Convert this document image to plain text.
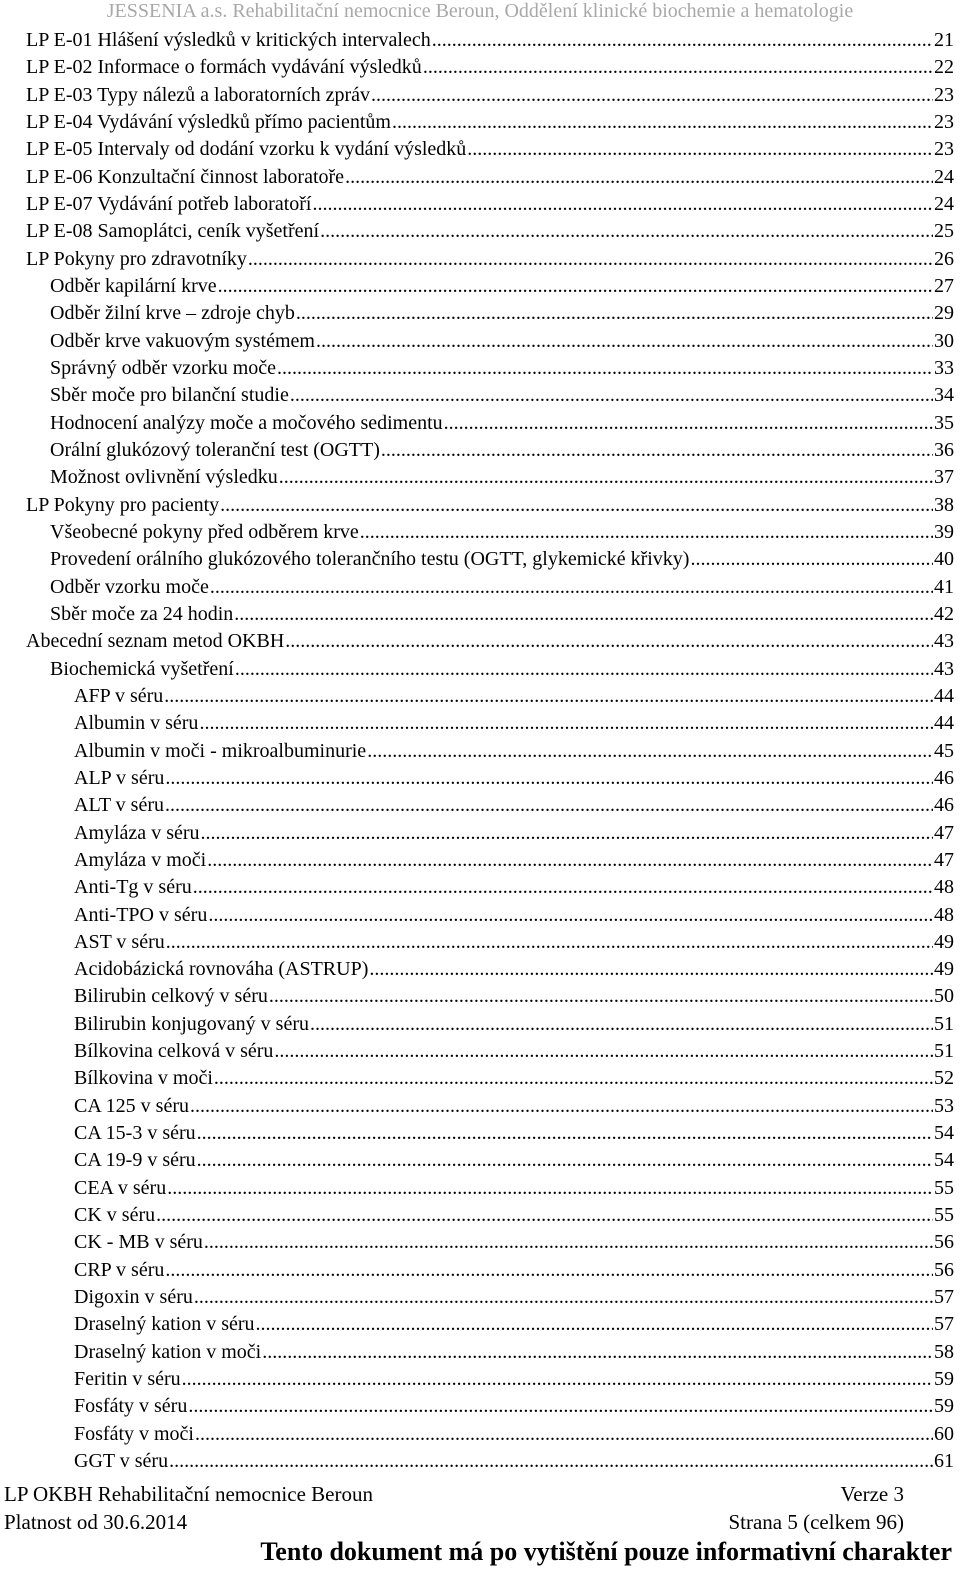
JESSENIA a.s. Rehabilitační nemocnice Beroun, Oddělení klinické biochemie a hematologie
LP E-01 Hlášení výsledků v kritických intervalech .....	21
LP E-02 Informace o formách vydávání výsledků .....	22
LP E-03 Typy nálezů a laboratorních zpráv .....	23
LP E-04 Vydávání výsledků přímo pacientům .....	23
LP E-05 Intervaly od dodání vzorku k vydání výsledků .....	23
LP E-06 Konzultační činnost laboratoře .....	24
LP E-07 Vydávání potřeb laboratoří .....	24
LP E-08 Samoplátci, ceník vyšetření .....	25
LP Pokyny pro zdravotníky .....	26
Odběr kapilární krve .....	27
Odběr žilní krve – zdroje chyb .....	29
Odběr krve vakuovým systémem .....	30
Správný odběr vzorku moče .....	33
Sběr moče pro bilanční studie .....	34
Hodnocení analýzy moče a močového sedimentu .....	35
Orální glukózový toleranční test (OGTT) .....	36
Možnost ovlivnění výsledku .....	37
LP Pokyny pro pacienty .....	38
Všeobecné pokyny před odběrem krve .....	39
Provedení orálního glukózového tolerančního testu (OGTT, glykemické křivky) .....	40
Odběr vzorku moče .....	41
Sběr moče za 24 hodin .....	42
Abecední seznam metod OKBH .....	43
Biochemická vyšetření .....	43
AFP v séru .....	44
Albumin v séru .....	44
Albumin v moči - mikroalbuminurie .....	45
ALP v séru .....	46
ALT v séru .....	46
Amyláza v séru .....	47
Amyláza v moči .....	47
Anti-Tg v séru .....	48
Anti-TPO v séru .....	48
AST v séru .....	49
Acidobázická rovnováha (ASTRUP) .....	49
Bilirubin celkový v séru .....	50
Bilirubin konjugovaný v séru .....	51
Bílkovina celková v séru .....	51
Bílkovina v moči .....	52
CA 125 v séru .....	53
CA 15-3 v séru .....	54
CA 19-9 v séru .....	54
CEA v séru .....	55
CK v séru .....	55
CK - MB v séru .....	56
CRP v séru .....	56
Digoxin v séru .....	57
Draselný kation v séru .....	57
Draselný kation v moči .....	58
Feritin v séru .....	59
Fosfáty v séru .....	59
Fosfáty v moči .....	60
GGT v séru .....	61
LP OKBH Rehabilitační nemocnice Beroun	Verze 3
Platnost od 30.6.2014	Strana 5 (celkem 96)
Tento dokument má po vytištění pouze informativní charakter
